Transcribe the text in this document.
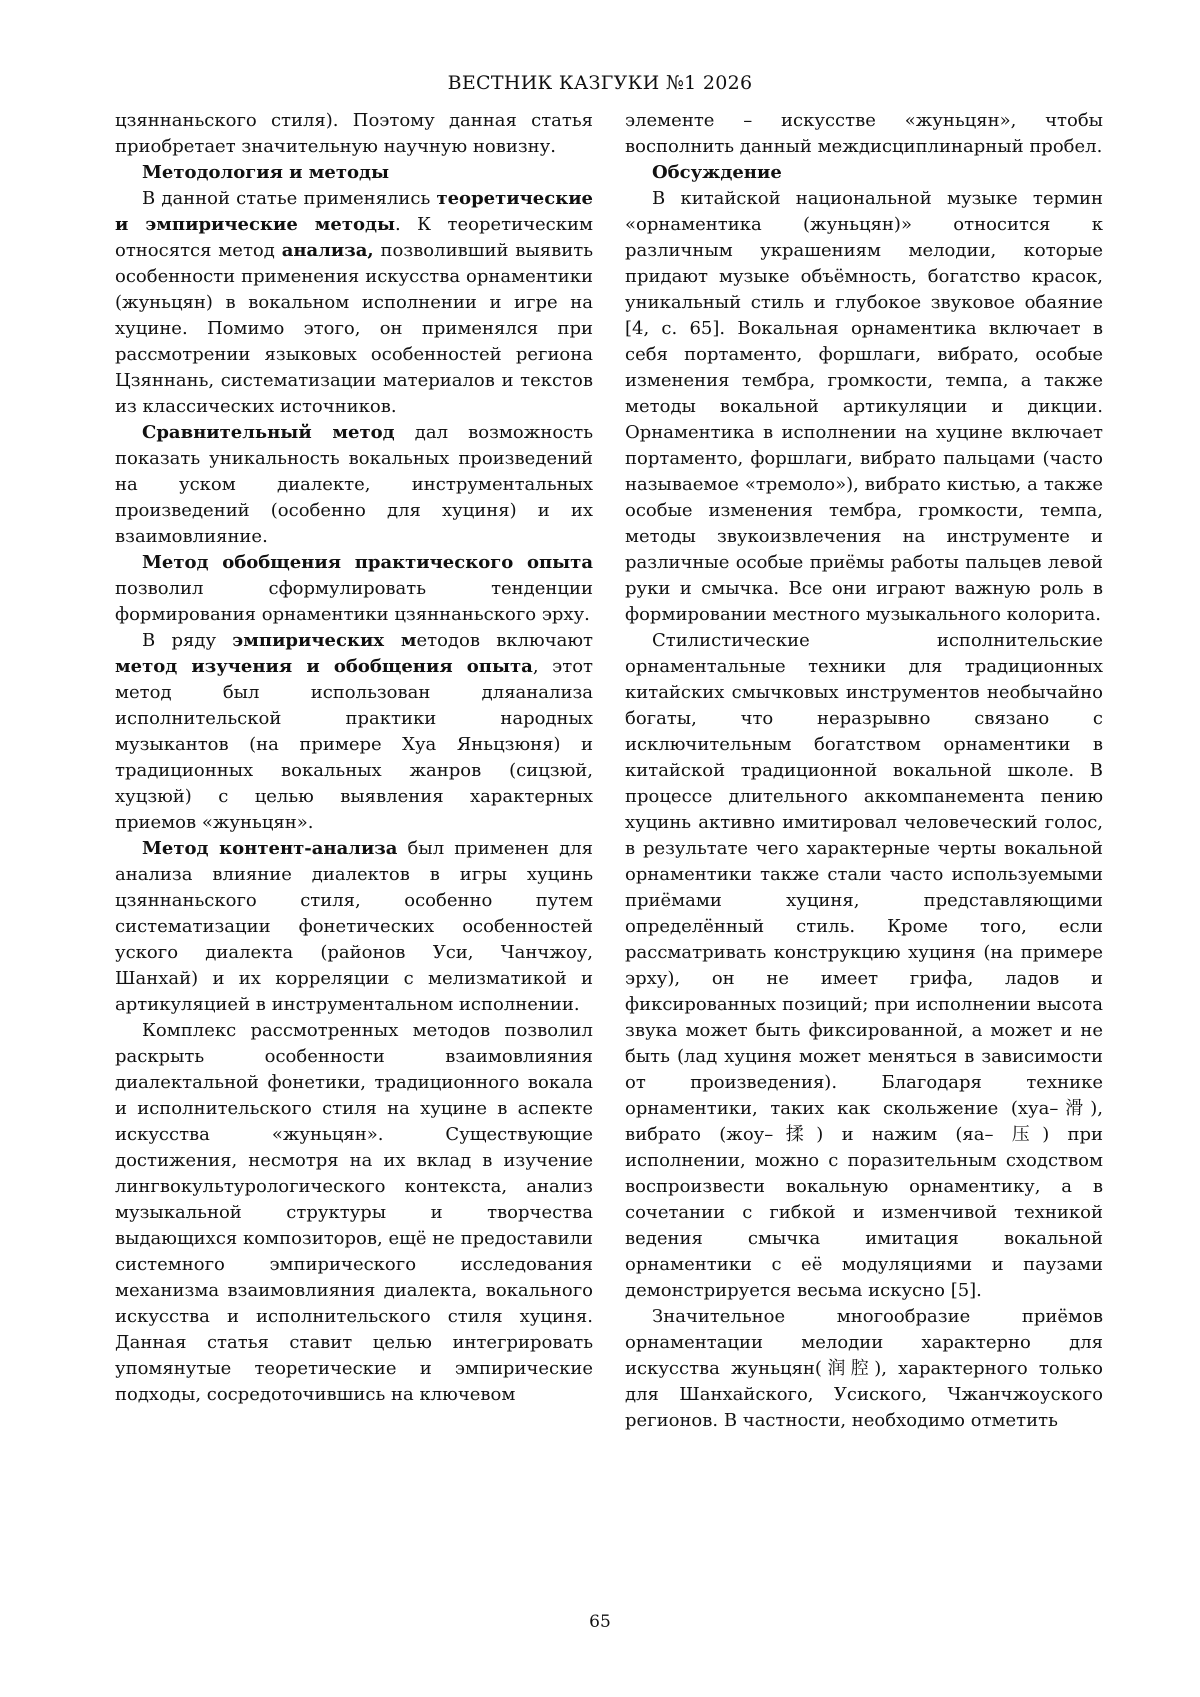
ВЕСТНИК КАЗГУКИ №1 2026

цзяннаньского стиля). Поэтому данная статья приобретает значительную научную новизну.

Методология и методы

В данной статье применялись теоретические и эмпирические методы. К теоретическим относятся метод анализа, позволивший выявить особенности применения искусства орнаментики (жуньцян) в вокальном исполнении и игре на хуцине. Помимо этого, он применялся при рассмотрении языковых особенностей региона Цзяннань, систематизации материалов и текстов из классических источников.

Сравнительный метод дал возможность показать уникальность вокальных произведений на уском диалекте, инструментальных произведений (особенно для хуциня) и их взаимовлияние.

Метод обобщения практического опыта позволил сформулировать тенденции формирования орнаментики цзяннаньского эрху.

В ряду эмпирических методов включают метод изучения и обобщения опыта, этот метод был использован дляанализа исполнительской практики народных музыкантов (на примере Хуа Яньцзюня) и традиционных вокальных жанров (сицзюй, хуцзюй) с целью выявления характерных приемов «жуньцян».

Метод контент-анализа был применен для анализа влияние диалектов в игры хуцинь цзяннаньского стиля, особенно путем систематизации фонетических особенностей уского диалекта (районов Уси, Чанчжоу, Шанхай) и их корреляции с мелизматикой и артикуляцией в инструментальном исполнении.

Комплекс рассмотренных методов позволил раскрыть особенности взаимовлияния диалектальной фонетики, традиционного вокала и исполнительского стиля на хуцине в аспекте искусства «жуньцян». Существующие достижения, несмотря на их вклад в изучение лингвокультурологического контекста, анализ музыкальной структуры и творчества выдающихся композиторов, ещё не предоставили системного эмпирического исследования механизма взаимовлияния диалекта, вокального искусства и исполнительского стиля хуциня. Данная статья ставит целью интегрировать упомянутые теоретические и эмпирические подходы, сосредоточившись на ключевом

элементе – искусстве «жуньцян», чтобы восполнить данный междисциплинарный пробел.

Обсуждение

В китайской национальной музыке термин «орнаментика (жуньцян)» относится к различным украшениям мелодии, которые придают музыке объёмность, богатство красок, уникальный стиль и глубокое звуковое обаяние [4, с. 65]. Вокальная орнаментика включает в себя портаменто, форшлаги, вибрато, особые изменения тембра, громкости, темпа, а также методы вокальной артикуляции и дикции. Орнаментика в исполнении на хуцине включает портаменто, форшлаги, вибрато пальцами (часто называемое «тремоло»), вибрато кистью, а также особые изменения тембра, громкости, темпа, методы звукоизвлечения на инструменте и различные особые приёмы работы пальцев левой руки и смычка. Все они играют важную роль в формировании местного музыкального колорита.

Стилистические исполнительские орнаментальные техники для традиционных китайских смычковых инструментов необычайно богаты, что неразрывно связано с исключительным богатством орнаментики в китайской традиционной вокальной школе. В процессе длительного аккомпанемента пению хуцинь активно имитировал человеческий голос, в результате чего характерные черты вокальной орнаментики также стали часто используемыми приёмами хуциня, представляющими определённый стиль. Кроме того, если рассматривать конструкцию хуциня (на примере эрху), он не имеет грифа, ладов и фиксированных позиций; при исполнении высота звука может быть фиксированной, а может и не быть (лад хуциня может меняться в зависимости от произведения). Благодаря технике орнаментики, таких как скольжение (хуа–滑), вибрато (жоу–揉) и нажим (яа– 压) при исполнении, можно с поразительным сходством воспроизвести вокальную орнаментику, а в сочетании с гибкой и изменчивой техникой ведения смычка имитация вокальной орнаментики с её модуляциями и паузами демонстрируется весьма искусно [5].

Значительное многообразие приёмов орнаментации мелодии характерно для искусства жуньцян(润腔), характерного только для Шанхайского, Усиского, Чжанчжоуского регионов. В частности, необходимо отметить

65
